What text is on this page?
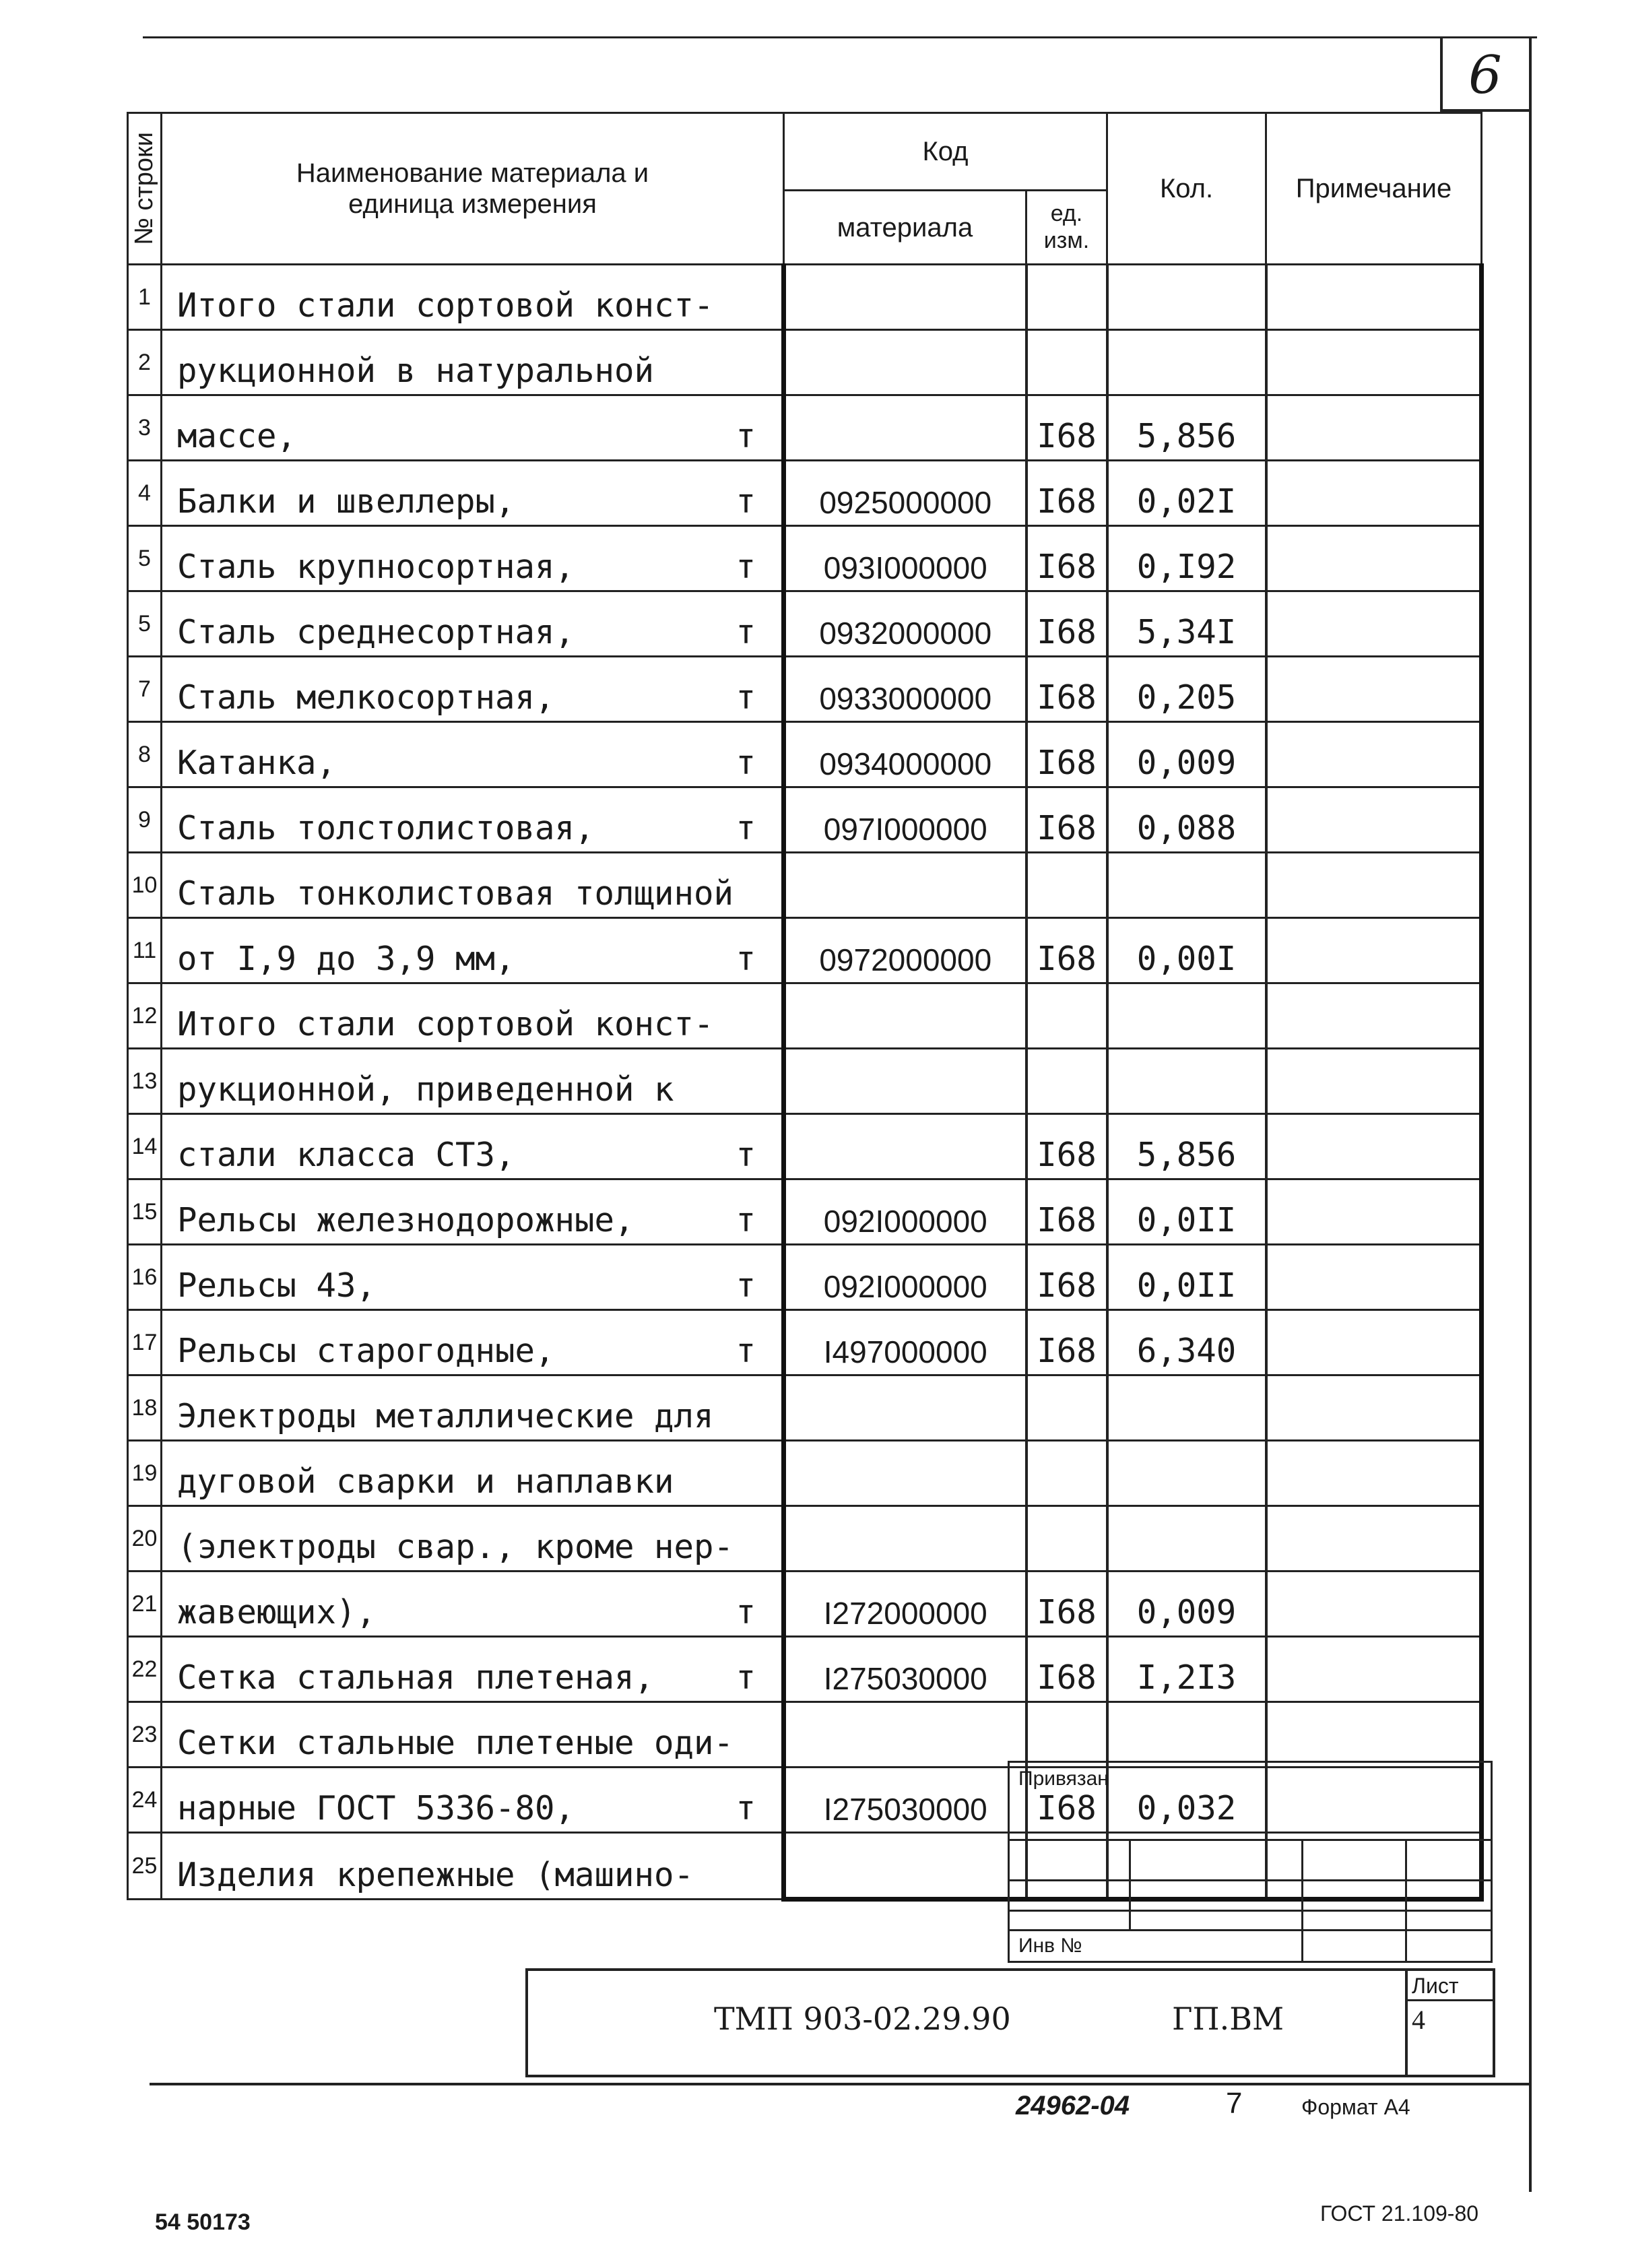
6
№ строки	Наименование материала и единица измерения	Код		Кол.	Примечание
		материала	ед. изм.		
1	Итого стали сортовой конст-

2	рукционной в натуральной

3	массе, т		I68	5,856	
4	Балки и швеллеры, т	0925000000	I68	0,02I	
5	Сталь крупносортная, т	093I000000	I68	0,I92	
5	Сталь среднесортная, т	0932000000	I68	5,34I	
7	Сталь мелкосортная, т	0933000000	I68	0,205	
8	Катанка, т	0934000000	I68	0,009	
9	Сталь толстолистовая, т	097I000000	I68	0,088	
10	Сталь тонколистовая толщиной

11	от I,9 до 3,9 мм, т	0972000000	I68	0,00I	
12	Итого стали сортовой конст-

13	рукционной, приведенной к

14	стали класса СТ3, т		I68	5,856	
15	Рельсы железнодорожные, т	092I000000	I68	0,0II	
16	Рельсы 43, т	092I000000	I68	0,0II	
17	Рельсы старогодные, т	I497000000	I68	6,340	
18	Электроды металлические для

19	дуговой сварки и наплавки

20	(электроды свар., кроме нер-

21	жавеющих), т	I272000000	I68	0,009	
22	Сетка стальная плетеная, т	I275030000	I68	I,2I3	
23	Сетки стальные плетеные оди-

24	нарные ГОСТ 5336-80, т	I275030000	I68	0,032	
25	Изделия крепежные (машино-

Привязан
Инв №
ТМП 903-02.29.90	ГП.ВМ
Лист
4
24962-04	7	Формат А4
54 50173	ГОСТ 21.109-80
